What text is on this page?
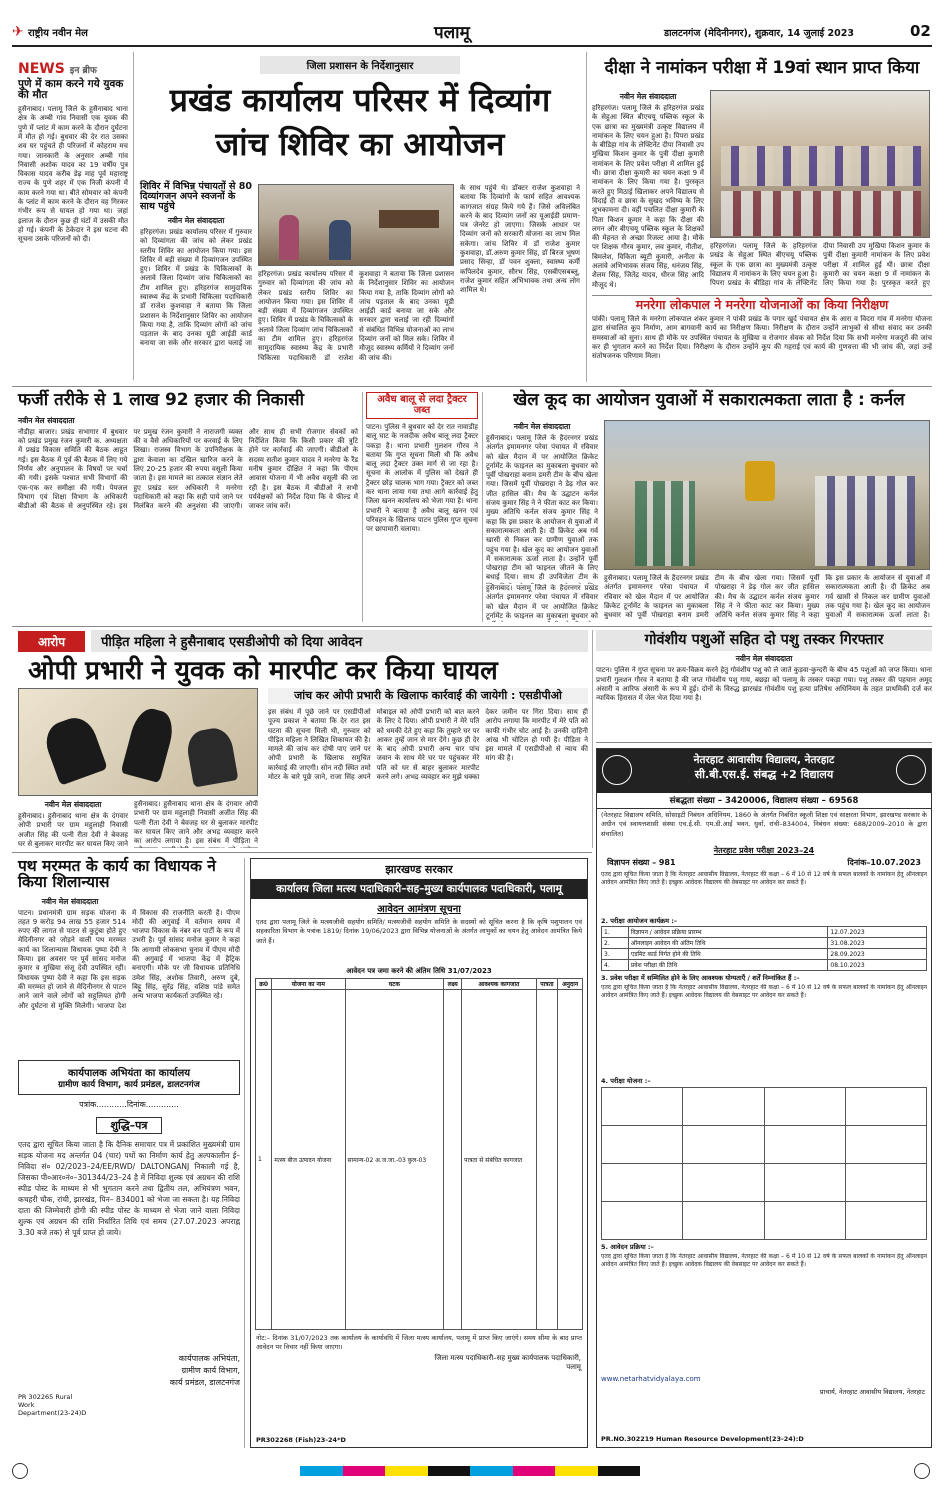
✈ राष्ट्रीय नवीन मेल	पलामू	डालटनगंज (मेदिनीनगर), शुक्रवार, 14 जुलाई 2023	02
NEWS इन ब्रीफ
पुणे में काम करने गये युवक की मौत
हुसैनाबाद। पलामू जिले के हुसैनाबाद थाना क्षेत्र के अम्बी गांव निवासी एक युवक की पुणे में प्लांट में काम करने के दौरान दुर्घटना में मौत हो गई। बुधवार की देर रात उसका शव घर पहुंचते ही परिजनों में कोहराम मच गया। जानकारी के अनुसार अम्बी गांव निवासी अशोक यादव का 19 वर्षीय पुत्र विकास यादव करीब डेढ़ माह पूर्व महाराष्ट्र राज्य के पुणे शहर में एक निजी कंपनी में काम करने गया था। बीते सोमवार को कंपनी के प्लांट में काम करने के दौरान वह गिरकर गंभीर रूप से घायल हो गया था। जहां इलाज के दौरान कुछ ही घंटों में उसकी मौत हो गई। कंपनी के ठेकेदार ने इस घटना की सूचना उसके परिजनों को दी।
जिला प्रशासन के निर्देशानुसार
प्रखंड कार्यालय परिसर में दिव्यांग जांच शिविर का आयोजन
शिविर में विभिन्न पंचायतों से 80 दिव्यांगजन अपने स्वजनों के साथ पहुंचे
नवीन मेल संवाददाता
हरिहरगंज। प्रखंड कार्यालय परिसर में गुरुवार को दिव्यांगता की जांच को लेकर प्रखंड स्तरीय शिविर का आयोजन किया गया। इस शिविर में बड़ी संख्या में दिव्यांगजन उपस्थित हुए। शिविर में प्रखंड के चिकित्सकों के अलावे जिला दिव्यांग जांच चिकित्सकों का टीम शामिल हुए। हरिहरगंज सामुदायिक स्वास्थ्य केंद्र के प्रभारी चिकित्सा पदाधिकारी डॉ राजेश कुशवाहा ने बताया कि जिला प्रशासन के निर्देशानुसार शिविर का आयोजन किया गया है, ताकि दिव्यांग लोगों को जांच पड़ताल के बाद उनका यूडी आईडी कार्ड बनाया जा सके और सरकार द्वारा चलाई जा
हरिहरगंज। प्रखंड कार्यालय परिसर में गुरुवार को दिव्यांगता की जांच को लेकर प्रखंड स्तरीय शिविर का आयोजन किया गया। इस शिविर में बड़ी संख्या में दिव्यांगजन उपस्थित हुए। शिविर में प्रखंड के चिकित्सकों के अलावे जिला दिव्यांग जांच चिकित्सकों का टीम शामिल हुए। हरिहरगंज सामुदायिक स्वास्थ्य केंद्र के प्रभारी चिकित्सा पदाधिकारी डॉ राजेश कुशवाहा ने बताया कि जिला प्रशासन के निर्देशानुसार शिविर का आयोजन किया गया है, ताकि दिव्यांग लोगों को जांच पड़ताल के बाद उनका यूडी आईडी कार्ड बनाया जा सके और सरकार द्वारा चलाई जा रही दिव्यांगों से संबंधित विभिन्न योजनाओं का लाभ दिव्यांग जनों को मिल सके। शिविर में मौजूद स्वास्थ्य कर्मियों ने दिव्यांग जनों की जांच की।
के साथ पहुंचे थे। डॉक्टर राजेश कुशवाहा ने बताया कि दिव्यांगों के फार्म सहित आवश्यक कागजात संग्रह किये गये हैं। जिसे अविलंबित करने के बाद दिव्यांग जनों का यूआईडी प्रमाण-पत्र जेनरेट हो जाएगा। जिसके आधार पर दिव्यांग जनों को सरकारी योजना का लाभ मिल सकेगा। जांच शिविर में डॉ राजेश कुमार कुशवाहा, डॉ.अरुण कुमार सिंह, डॉ बिरज भूषण प्रसाद सिन्हा, डॉ पवन शुक्ला, स्वास्थ्य कर्मी कपिलदेव कुमार, सौरभ सिंह, एसबीएसबब्लू, राजेश कुमार सहित अभिभावक तथा अन्य लोग शामिल थे।
दीक्षा ने नामांकन परीक्षा में 19वां स्थान प्राप्त किया
नवीन मेल संवाददाता
हरिहरगंज। पलामू जिले के हरिहरगंज प्रखंड के सेहुआ स्थित बीएचयू पब्लिक स्कूल के एक छात्रा का मुख्यमंत्री उत्कृष्ट विद्यालय में नामांकन के लिए चयन हुआ है। पिपरा प्रखंड के बीडिहा गांव के लेफ्टिनेंट दीपा निवासी उप मुखिया किशन कुमार के पुत्री दीक्षा कुमारी नामांकन के लिए प्रवेश परीक्षा में शामिल हुई थी। छात्रा दीक्षा कुमारी का चयन कक्षा 9 में नामांकन के लिए किया गया है। पुरस्कृत करते हुए मिठाई खिलाकर अपने विद्यालय से विदाई दी व छात्रा के सुखद भविष्य के लिए शुभकामना दी। वहीं पचलित दीक्षा कुमारी के पिता किशन कुमार ने कहा कि दीक्षा की लगन और बीएचयू पब्लिक स्कूल के शिक्षकों की मेहनत से अच्छा रिजल्ट आया है। मौके पर शिक्षक गौरव कुमार, लव कुमार, नीतीश, बिमलेश, विकिता ब्यूटी कुमारी, अनीता के अलावे अभिभावक संजय सिंह, धनंजय सिंह, शैलम सिंह, जितेंद्र यादव, धीरज सिंह आदि मौजूद थे।
हरिहरगंज। पलामू जिले के हरिहरगंज प्रखंड के सेहुआ स्थित बीएचयू पब्लिक स्कूल के एक छात्रा का मुख्यमंत्री उत्कृष्ट विद्यालय में नामांकन के लिए चयन हुआ है। पिपरा प्रखंड के बीडिहा गांव के लेफ्टिनेंट दीपा निवासी उप मुखिया किशन कुमार के पुत्री दीक्षा कुमारी नामांकन के लिए प्रवेश परीक्षा में शामिल हुई थी। छात्रा दीक्षा कुमारी का चयन कक्षा 9 में नामांकन के लिए किया गया है। पुरस्कृत करते हुए
मनरेगा लोकपाल ने मनरेगा योजनाओं का किया निरीक्षण
पांकी। पलामू जिले के मनरेगा लोकपाल शंकर कुमार ने पांकी प्रखंड के पगार खुर्द पंचायत क्षेत्र के आरा व विदरा गांव में मनरेगा योजना द्वारा संचालित कूप निर्माण, आम बागवानी कार्य का निरीक्षण किया। निरीक्षण के दौरान उन्होंने लाभुकों से सीधा संवाद कर उनकी समस्याओं को सुना। साथ ही मौके पर उपस्थित पंचायत के मुखिया व रोजगार सेवक को निर्देश दिया कि सभी मनरेगा मजदूरों की जांच कर ही भुगतान करने का निर्देश दिया। निरीक्षण के दौरान उन्होंने कूप की गहराई एवं कार्य की गुणवत्ता की भी जांच की, जहां उन्हें संतोषजनक परिणाम मिला।
फर्जी तरीके से 1 लाख 92 हजार की निकासी
नवीन मेल संवाददाता
नौडीहा बाजार। प्रखंड सभागार में बुधवार को प्रखंड प्रमुख रंजन कुमारी क. अध्यक्षता में प्रखंड विकास समिति की बैठक आहूत गई। इस बैठक में पूर्व की बैठक में लिए गये निर्णय और अनुपालन के विषयों पर चर्चा की गयी। इसके पश्चात सभी विभागों की एक-एक कर समीक्षा की गयी। पेयजल विभाग एवं शिक्षा विभाग के अधिकारी बीडीओ की बैठक से अनुपस्थित रहे। इस पर प्रमुख रंजन कुमारी ने नाराजगी व्यक्त की व वैसे अधिकारियों पर करवाई के लिए लिखा। राजस्व विभाग के उपनिरीक्षक के द्वारा केवाला का दखिल खारिज करने के लिए 20-25 हजार की रुपया वसूली किया जाता है। इस मामले का तत्काल संज्ञान लेते हुए प्रखंड स्तर अधिकारी ने मनरेगा पदाधिकारी को कहा कि सही पाये जाने पर निलंबित करने की अनुशंसा की जाएगी। और साथ ही सभी रोजगार सेवकों को निर्देशित किया कि किसी प्रकार की त्रुटि होने पर कार्रवाई की जाएगी। बीडीओ के सदस्य सतीश कुमार यादव ने मनरेगा के रैंड मनीष कुमार दीक्षित ने कहा कि पीएम आवास योजना में भी अवैध वसूली की जा रही है। इस बैठक में बीडीओ ने सभी पर्यवेक्षकों को निर्देश दिया कि वे फील्ड में जाकर जांच करें।
अवैध बालू से लदा ट्रैक्टर जब्त
पाटन। पुलिस ने बुधवार को देर रात नावाडीह बालू घाट के नजदीक अवैध बालू लदा ट्रैक्टर पकड़ा है। थाना प्रभारी गुलशन गौरव ने बताया कि गुप्त सूचना मिली थी कि अवैध बालू लदा ट्रैक्टर उक्त मार्ग से जा रहा है। सूचना के आलोक में पुलिस को देखते ही ट्रैक्टर छोड़ चालक भाग गया। ट्रैक्टर को जब्त कर थाना लाया गया तथा आगे कार्रवाई हेतु जिला खनन कार्यालय को भेजा गया है। थाना प्रभारी ने बताया है अवैध बालू खनन एवं परिवहन के खिलाफ पाटन पुलिस गुप्त सूचना पर छापामारी चलाया।
खेल कूद का आयोजन युवाओं में सकारात्मकता लाता है : कर्नल
नवीन मेल संवाददाता
हुसैनाबाद। पलामू जिले के हैदरनगर प्रखंड अंतर्गत इमामनगर परेवा पंचायत में रविवार को खेल मैदान में पर आयोजित क्रिकेट टूर्नामेंट के फाइनल का मुकाबला बुधवार को पूर्वी पोखराहा बनाम डमरी टीम के बीच खेला गया। जिसमें पूर्वी पोखराहा ने डेढ़ गोल कर जीत हासिल की। मैच के उद्घाटन कर्नल संजय कुमार सिंह ने ने फीता काट कर किया। मुख्य अतिथि कर्नल संजय कुमार सिंह ने कहा कि इस प्रकार के आयोजन से युवाओं में सकारात्मकता आती है। दी क्रिकेट अब गर्व खासी से निकल कर ग्रामीण युवाओं तक पहुंच गया है। खेल कूद का आयोजन युवाओं में सकारात्मक ऊर्जा लाता है। उन्होंने पूर्वी पोखराहा टीम को फाइनल जीतने के लिए बधाई दिया। साथ ही उपविजेता टीम के हुसैनाबाद। पलामू जिले के हैदरनगर प्रखंड अंतर्गत इमामनगर परेवा पंचायत में रविवार को खेल मैदान में पर आयोजित क्रिकेट टूर्नामेंट के फाइनल का मुकाबला बुधवार को पूर्वी पोखराहा बनाम डमरी टीम के बीच खेला गया। जिसमें पूर्वी पोखराहा ने डेढ़ गोल कर जीत हासिल की। मैच के उद्घाटन कर्नल संजय कुमार सिंह ने ने फीता काट कर किया। मुख्य अतिथि कर्नल संजय कुमार सिंह ने कहा कि इस प्रकार के आयोजन से युवाओं में सकारात्मकता आती है। दी क्रिकेट अब गर्व खासी से निकल कर ग्रामीण युवाओं तक पहुंच गया है। खेल कूद का आयोजन युवाओं में सकारात्मक ऊर्जा लाता है।
हुसैनाबाद। पलामू जिले के हैदरनगर प्रखंड अंतर्गत इमामनगर परेवा पंचायत में रविवार को खेल मैदान में पर आयोजित क्रिकेट टूर्नामेंट के फाइनल का मुकाबला बुधवार को
आरोप	पीड़ित महिला ने हुसैनाबाद एसडीओपी को दिया आवेदन
ओपी प्रभारी ने युवक को मारपीट कर किया घायल
नवीन मेल संवाददाता
हुसैनाबाद। हुसैनाबाद थाना क्षेत्र के दंगवार ओपी प्रभारी पर ग्राम महुलाही निवासी अजीत सिंह की पत्नी रीता देवी ने बेवजह घर से बुलाकर मारपीट कर घायल किए जाने
हुसैनाबाद। हुसैनाबाद थाना क्षेत्र के दंगवार ओपी प्रभारी पर ग्राम महुलाही निवासी अजीत सिंह की पत्नी रीता देवी ने बेवजह घर से बुलाकर मारपीट कर घायल किए जाने और अभद्र व्यवहार करने का आरोप लगाया है। इस संबंध में पीड़िता ने
जांच कर ओपी प्रभारी के खिलाफ कार्रवाई की जायेगी : एसडीपीओ
इस संबंध में पूछे जाने पर एसडीपीओ पूज्य प्रकाश ने बताया कि देर रात इस घटना की सूचना मिली थी, गुरुवार को पीड़ित महिला ने लिखित शिकायत की है। मामले की जांच कर दोषी पाए जाने पर ओपी प्रभारी के खिलाफ समुचित कार्रवाई की जाएगी। सोन नदी स्थित तमो मोटर के बारे पूछे जाने, राजा सिंह अपने मोबाइल को ओपी प्रभारी को बात करने के लिए दे दिया। ओपी प्रभारी ने मेरे पति को धमकी देते हुए कहा कि तुम्हारे घर पर आकर तुम्हें जान से मार देंगे। कुछ ही देर के बाद ओपी प्रभारी अन्य चार पांच जवान के साथ मेरे घर पर पहुंचकर मेरे पति को घर से बाहर बुलाकर मारपीट करने लगे। अभद्र व्यवहार कर मुझे धक्का देकर जमीन पर गिरा दिया। साथ ही आरोप लगाया कि मारपीट में मेरे पति को काफी गंभीर चोट आई है। उनकी दाहिनी आंख भी चोटिल हो गयी है। पीड़िता ने इस मामले में एसडीपीओ से न्याय की मांग की है।
गोवंशीय पशुओं सहित दो पशु तस्कर गिरफ्तार
नवीन मेल संवाददाता
पाटन। पुलिस ने गुप्त सूचना पर क्रय-विक्रय करने हेतु गोवंशीय पशु को ले जाते कुड़वा-कुन्दरी के बीच 45 पशुओं को जप्त किया। थाना प्रभारी गुलशन गौरव ने बताया है की जप्त गोवंशीय पशु गाय, बछड़ा को पलामू के तस्कर पकड़ा गया। पशु तस्कर की पहचान अमूद अंसारी व आरिफ अंसारी के रूप में हुई। दोनों के विरुद्ध झारखंड गोवंशीय पशु हत्या प्रतिषेध अधिनियम के तहत प्राथमिकी दर्ज कर न्यायिक हिरासत में जेल भेज दिया गया है।
नेतरहाट आवासीय विद्यालय, नेतरहाट
सी.बी.एस.ई. संबद्ध +2 विद्यालय
संबद्धता संख्या – 3420006, विद्यालय संख्या – 69568
(नेतरहाट विद्यालय समिति, सोसाइटी निबंधन अधिनियम, 1860 के अंतर्गत निबंधित स्कूली शिक्षा एवं साक्षरता विभाग, झारखण्ड सरकार के अधीन एवं स्वायत्तशासी संस्था एच.ई.सी. एम.डी.आई भवन, धुर्वा, रांची–834004, निबंधन संख्या: 688/2009–2010 के द्वारा संचालित)
नेतरहाट प्रवेश परीक्षा 2023–24
विज्ञापन संख्या – 981	दिनांक–10.07.2023
एतद द्वारा सूचित किया जाता है कि नेतरहाट आवासीय विद्यालय, नेतरहाट की कक्षा – 6 में 10 से 12 वर्ष के सफल बालकों के नामांकन हेतु ऑनलाइन आवेदन आमंत्रित किए जाते हैं। इच्छुक आवेदक विद्यालय की वेबसाइट पर आवेदन कर सकते हैं।
2. परीक्षा आयोजन कार्यक्रम :–
1.	विज्ञापन / आवेदन प्रक्रिया प्रारम्भ	12.07.2023
2.	ऑनलाइन आवेदन की अंतिम तिथि	31.08.2023
3.	एडमिट कार्ड निर्गत होने की तिथि	28.09.2023
4.	प्रवेश परीक्षा की तिथि	08.10.2023
3. प्रवेश परीक्षा में सम्मिलित होने के लिए आवश्यक योग्यताएँ / शर्तें निम्नांकित हैं :–
एतद द्वारा सूचित किया जाता है कि नेतरहाट आवासीय विद्यालय, नेतरहाट की कक्षा – 6 में 10 से 12 वर्ष के सफल बालकों के नामांकन हेतु ऑनलाइन आवेदन आमंत्रित किए जाते हैं। इच्छुक आवेदक विद्यालय की वेबसाइट पर आवेदन कर सकते हैं।
4. परीक्षा योजना :–

5. आवेदन प्रक्रिया :–
एतद द्वारा सूचित किया जाता है कि नेतरहाट आवासीय विद्यालय, नेतरहाट की कक्षा – 6 में 10 से 12 वर्ष के सफल बालकों के नामांकन हेतु ऑनलाइन आवेदन आमंत्रित किए जाते हैं। इच्छुक आवेदक विद्यालय की वेबसाइट पर आवेदन कर सकते हैं।
www.netarhatvidyalaya.com
प्राचार्य, नेतरहाट आवासीय विद्यालय, नेतरहाट
PR.NO.302219 Human Resource Development(23-24):D
पथ मरम्मत के कार्य का विधायक ने किया शिलान्यास
नवीन मेल संवाददाता
पाटन। प्रधानमंत्री ग्राम सड़क योजना के तहत 9 करोड़ 94 लाख 55 हजार 514 रुपए की लागत से पाटन से कुटुंबा होते हुए मेदिनीनगर को जोड़ने वाली पथ मरम्मत कार्य का शिलान्यास विधायक पुष्पा देवी ने किया। इस अवसर पर पूर्व सांसद मनोज कुमार व मुखिया संजू देवी उपस्थित रहीं। विधायक पुष्पा देवी ने कहा कि इस सड़क की मरम्मत हो जाने से मेदिनीनगर से पाटन आने जाने वाले लोगों को सहूलियत होगी और दुर्घटना से मुक्ति मिलेगी। भाजपा देश में विकास की राजनीति करती है। पीएम मोदी की अगुवाई में वर्तमान समय में भाजपा विकास के नंबर वन पार्टी के रूप में उभरी है। पूर्व सांसद मनोज कुमार ने कहा कि आगामी लोकसभा चुनाव में पीएम मोदी की अगुवाई में भाजपा केंद्र में हैट्रिक बनाएगी। मौके पर जी विधायक प्रतिनिधि उमेश सिंह, अशोक तिवारी, अरुण दुबे, बिट्टू सिंह, सुरेंद्र सिंह, वशिष्ठ पांडे समेत अन्य भाजपा कार्यकर्ता उपस्थित रहे।
कार्यपालक अभियंता का कार्यालय
ग्रामीण कार्य विभाग, कार्य प्रमंडल, डालटनगंज
पत्रांक............दिनांक.............
शुद्धि–पत्र
एतद द्वारा सूचित किया जाता है कि दैनिक समाचार पत्र में प्रकाशित मुख्यमंत्री ग्राम सड़क योजना मद अन्तर्गत 04 (चार) पथों का निर्माण कार्य हेतु अल्पकालीन ई–निविदा सं० 02/2023–24/EE/RWD/ DALTONGANJ निकाली गई है, जिसका पी०आर०नं०–301344/23–24 है में निविदा शुल्क एवं अग्रधन की राशि स्पीड पोस्ट के माध्यम से भी भुगतान करने तथा द्वितीय तल, अभियंत्रण भवन, कचहरी चौक, रांची, झारखंड, पिन– 834001 को भेजा जा सकता है। यह निविदा दाता की जिम्मेवारी होगी की स्पीड पोस्ट के माध्यम से भेजा जाने वाला निविदा शुल्क एवं अग्रधन की राशि निर्धारित तिथि एवं समय (27.07.2023 अपराह्न 3.30 बजे तक) से पूर्व प्राप्त हो जाये।
कार्यपालक अभियंता,
ग्रामीण कार्य विभाग,
कार्य प्रमंडल, डालटनगंज
PR 302265 Rural Work Department(23-24)D
झारखण्ड सरकार
कार्यालय जिला मत्स्य पदाधिकारी–सह–मुख्य कार्यपालक पदाधिकारी, पलामू
आवेदन आमंत्रण सूचना
एतद द्वारा पलामू जिले के मत्स्यजीवी सहयोग समिति/ मत्स्यजीवी सहयोग समिति के सदस्यों को सूचित करना है कि कृषि पशुपालन एवं सहकारिता विभाग के पत्रांक 1819/ दिनांक 19/06/2023 द्वारा विभिन्न योजनाओं के अंतर्गत लाभुकों का चयन हेतु आवेदन आमंत्रित किये जाते हैं।
आवेदन पत्र जमा करने की अंतिम तिथि 31/07/2023
क्र0	योजना का नाम	घटक	लक्ष्य	आवश्यक कागजात	पात्रता	अनुदान
1	मत्स्य बीज उत्पादन योजना	सामान्य-02 अ.ज.जा.-03 कुल-03		पात्रता से संबंधित कागजात		
नोट:– दिनांक 31/07/2023 तक कार्यालय के कार्यावधि में जिला मत्स्य कार्यालय, पलामू में प्राप्त किए जाएंगे। समय सीमा के बाद प्राप्त आवेदन पर विचार नहीं किया जाएगा।
जिला मत्स्य पदाधिकारी–सह मुख्य कार्यपालक पदाधिकारी, पलामू
PR302268 (Fish)23-24*D
